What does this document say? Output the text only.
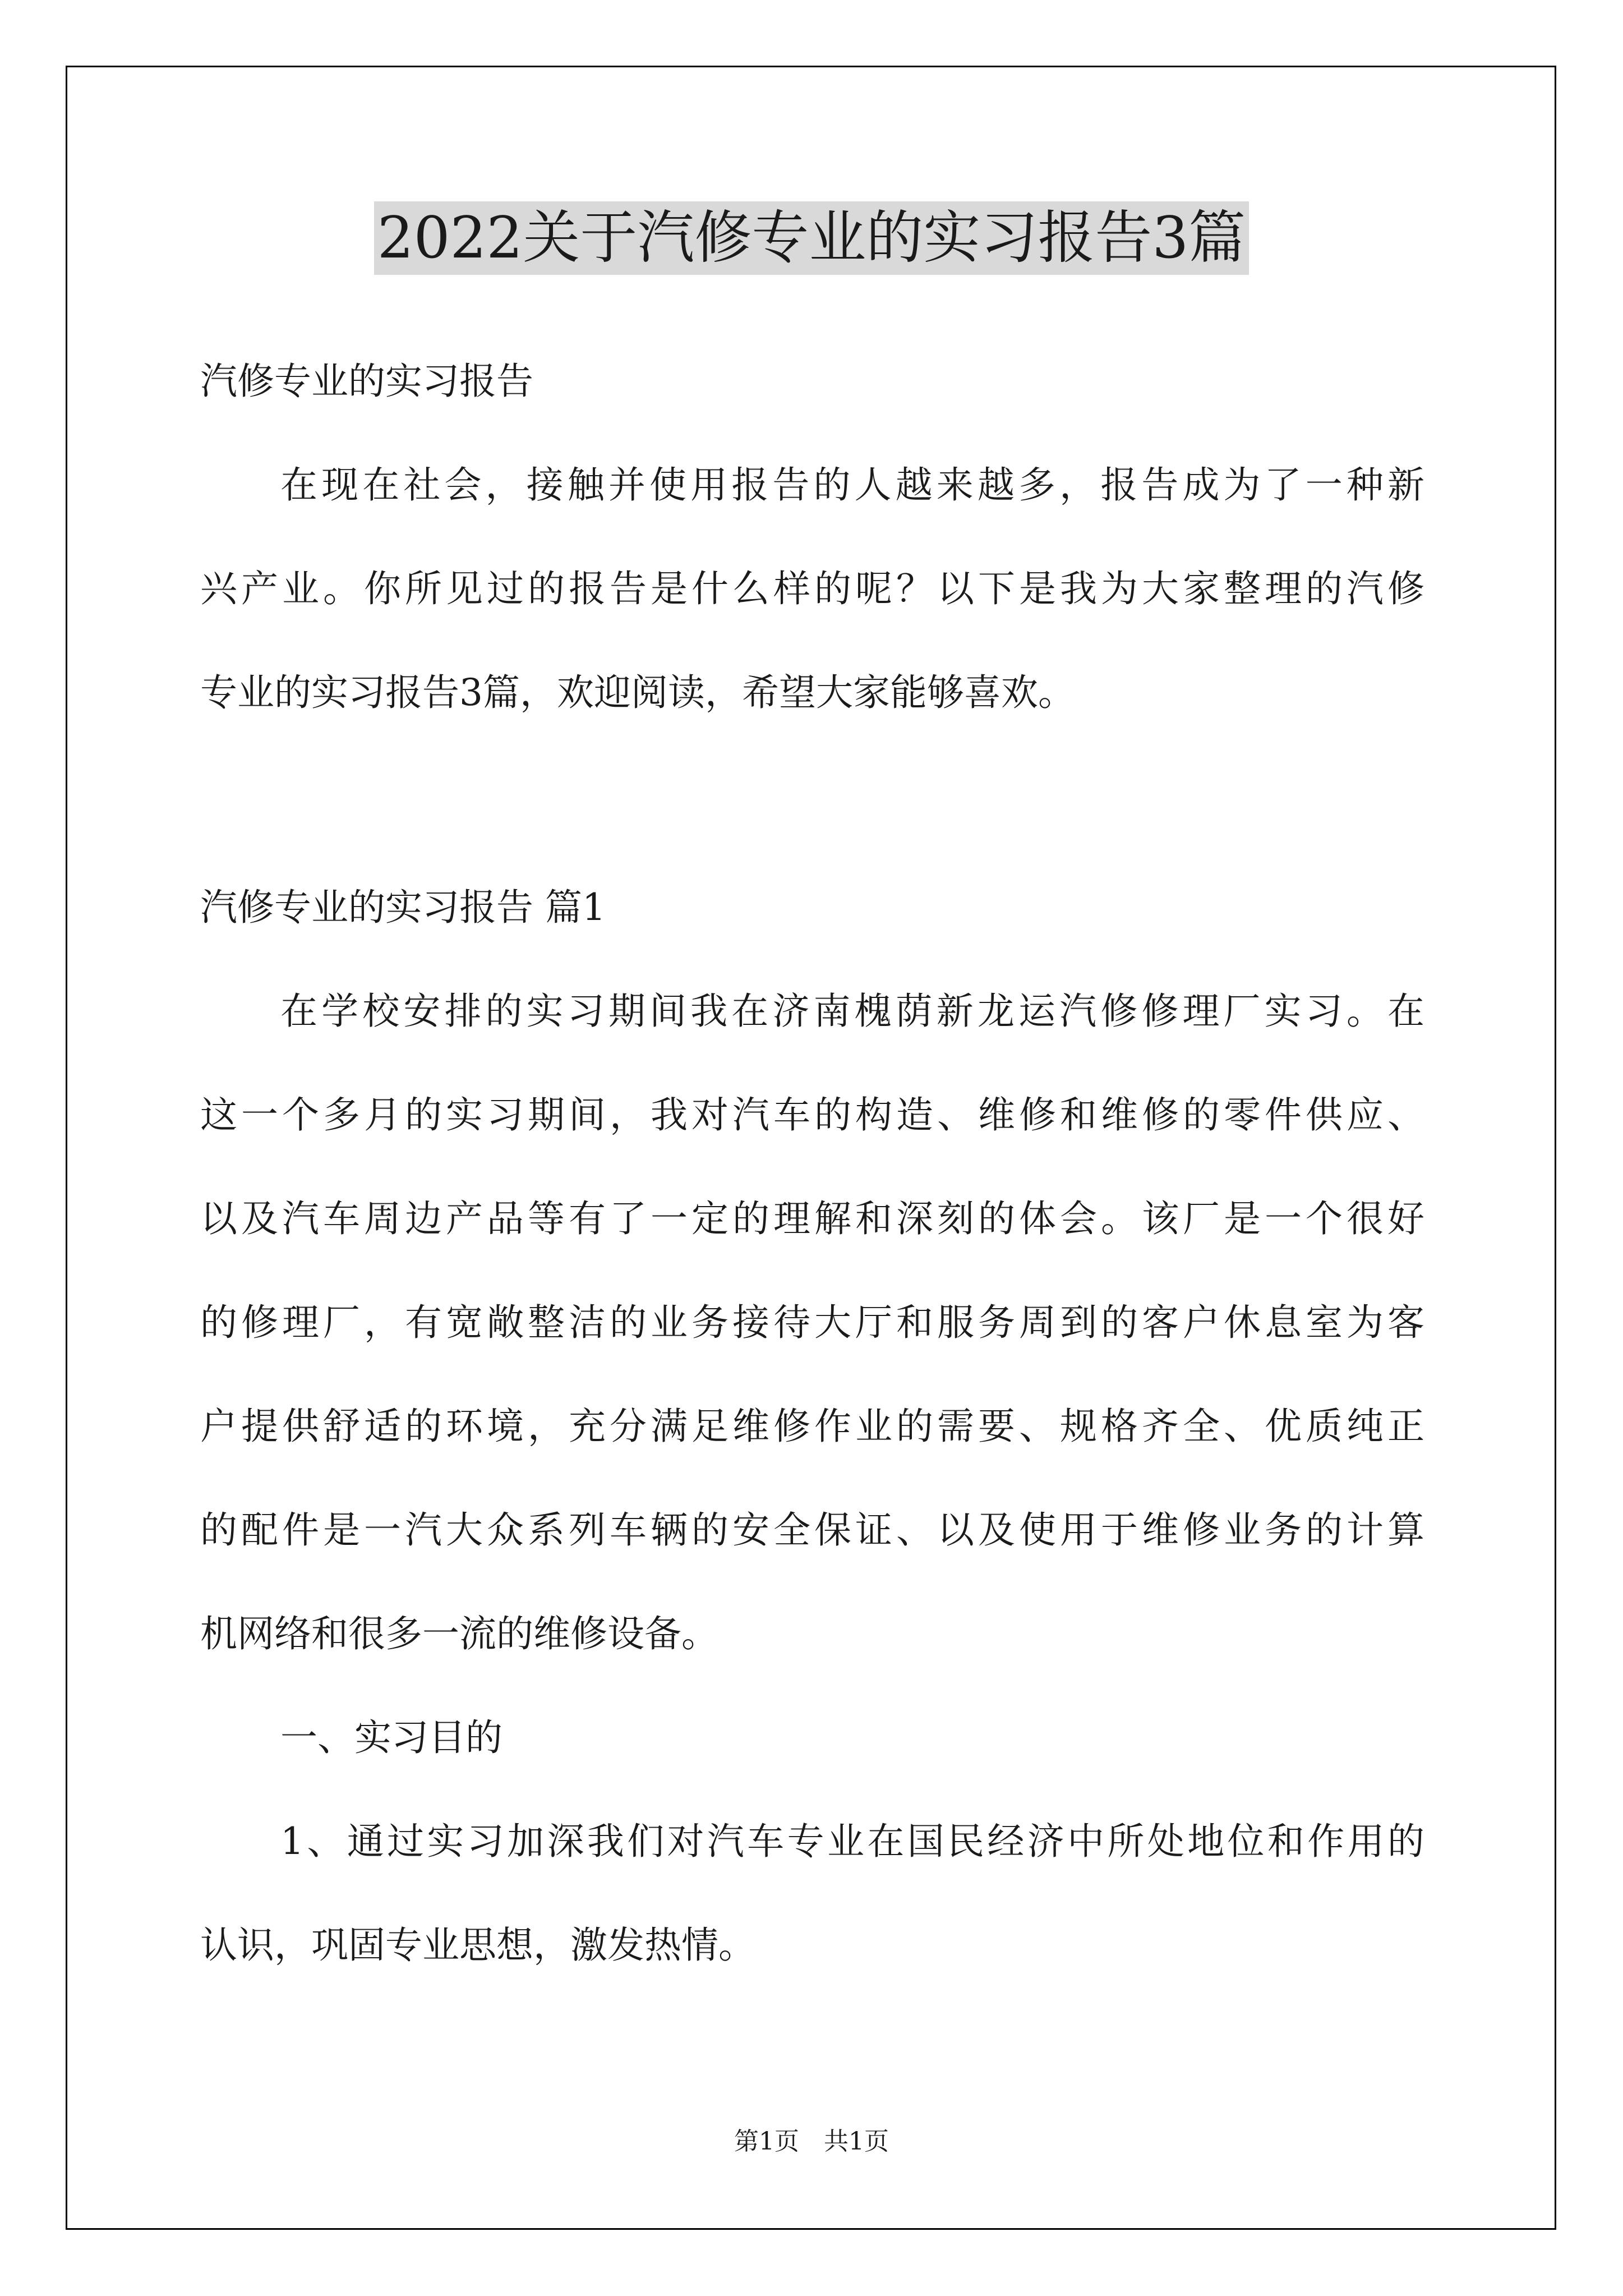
2022关于汽修专业的实习报告3篇
汽修专业的实习报告
在现在社会，接触并使用报告的人越来越多，报告成为了一种新
兴产业。你所见过的报告是什么样的呢？以下是我为大家整理的汽修
专业的实习报告3篇，欢迎阅读，希望大家能够喜欢。
汽修专业的实习报告 篇1
在学校安排的实习期间我在济南槐荫新龙运汽修修理厂实习。在
这一个多月的实习期间，我对汽车的构造、维修和维修的零件供应、
以及汽车周边产品等有了一定的理解和深刻的体会。该厂是一个很好
的修理厂，有宽敞整洁的业务接待大厅和服务周到的客户休息室为客
户提供舒适的环境，充分满足维修作业的需要、规格齐全、优质纯正
的配件是一汽大众系列车辆的安全保证、以及使用于维修业务的计算
机网络和很多一流的维修设备。
一、实习目的
1、通过实习加深我们对汽车专业在国民经济中所处地位和作用的
认识，巩固专业思想，激发热情。
第1页　共1页
